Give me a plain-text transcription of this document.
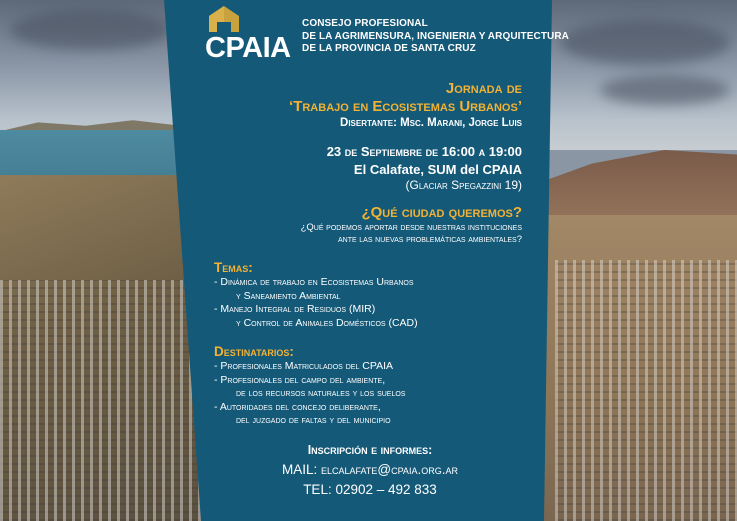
CPAIA
CONSEJO PROFESIONAL
DE LA AGRIMENSURA, INGENIERIA Y ARQUITECTURA
DE LA PROVINCIA DE SANTA CRUZ
Jornada de
‘Trabajo en Ecosistemas Urbanos’
Disertante: Msc. Marani, Jorge Luis
23 de Septiembre de 16:00 a 19:00
El Calafate, SUM del CPAIA
(Glaciar Spegazzini 19)
¿Qué ciudad queremos?
¿Qué podemos aportar desde nuestras instituciones
ante las nuevas problemáticas ambientales?
Temas:
- Dinámica de trabajo en Ecosistemas Urbanos
y Saneamiento Ambiental
- Manejo Integral de Residuos (MIR)
y Control de Animales Domésticos (CAD)
Destinatarios:
- Profesionales Matriculados del CPAIA
- Profesionales del campo del ambiente,
de los recursos naturales y los suelos
- Autoridades del concejo deliberante,
del juzgado de faltas y del municipio
Inscripción e informes:
MAIL: elcalafate@cpaia.org.ar
TEL: 02902 – 492 833
